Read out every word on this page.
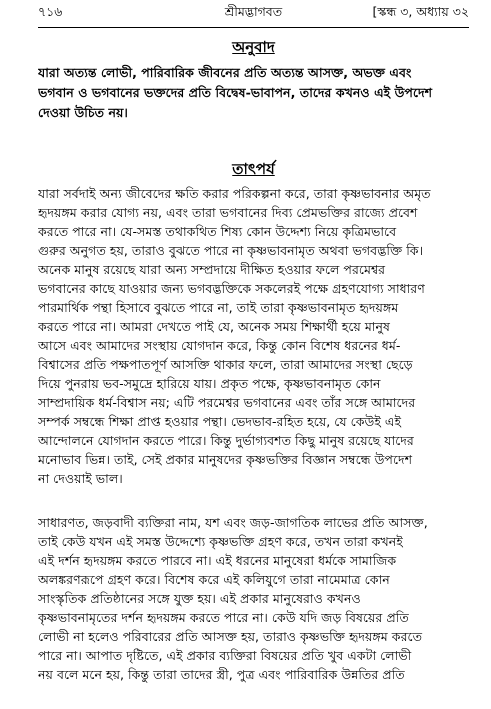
৭১৬	শ্রীমদ্ভাগবত	[স্কন্ধ ৩, অধ্যায় ৩২
অনুবাদ

যারা অত্যন্ত লোভী, পারিবারিক জীবনের প্রতি অত্যন্ত আসক্ত, অভক্ত এবং
ভগবান ও ভগবানের ভক্তদের প্রতি বিদ্বেষ-ভাবাপন, তাদের কখনও এই উপদেশ
দেওয়া উচিত নয়।

তাৎপর্য

যারা সর্বদাই অন্য জীবেদের ক্ষতি করার পরিকল্পনা করে, তারা কৃষ্ণভাবনার অমৃত
হৃদয়ঙ্গম করার যোগ্য নয়, এবং তারা ভগবানের দিব্য প্রেমভক্তির রাজ্যে প্রবেশ
করতে পারে না। যে-সমস্ত তথাকথিত শিষ্য কোন উদ্দেশ্য নিয়ে কৃত্রিমভাবে
গুরুর অনুগত হয়, তারাও বুঝতে পারে না কৃষ্ণভাবনামৃত অথবা ভগবদ্ভক্তি কি।
অনেক মানুষ রয়েছে যারা অন্য সম্প্রদায়ে দীক্ষিত হওয়ার ফলে পরমেশ্বর
ভগবানের কাছে যাওয়ার জন্য ভগবদ্ভক্তিকে সকলেরই পক্ষে গ্রহণযোগ্য সাধারণ
পারমার্থিক পন্থা হিসাবে বুঝতে পারে না, তাই তারা কৃষ্ণভাবনামৃত হৃদয়ঙ্গম
করতে পারে না। আমরা দেখতে পাই যে, অনেক সময় শিক্ষার্থী হয়ে মানুষ
আসে এবং আমাদের সংস্থায় যোগদান করে, কিন্তু কোন বিশেষ ধরনের ধর্ম-
বিশ্বাসের প্রতি পক্ষপাতপূর্ণ আসক্তি থাকার ফলে, তারা আমাদের সংস্থা ছেড়ে
দিয়ে পুনরায় ভব-সমুদ্রে হারিয়ে যায়। প্রকৃত পক্ষে, কৃষ্ণভাবনামৃত কোন
সাম্প্রদায়িক ধর্ম-বিশ্বাস নয়; এটি পরমেশ্বর ভগবানের এবং তাঁর সঙ্গে আমাদের
সম্পর্ক সম্বন্ধে শিক্ষা প্রাপ্ত হওয়ার পন্থা। ভেদভাব-রহিত হয়ে, যে কেউই এই
আন্দোলনে যোগদান করতে পারে। কিন্তু দুর্ভাগ্যবশত কিছু মানুষ রয়েছে যাদের
মনোভাব ভিন্ন। তাই, সেই প্রকার মানুষদের কৃষ্ণভক্তির বিজ্ঞান সম্বন্ধে উপদেশ
না দেওয়াই ভাল।

সাধারণত, জড়বাদী ব্যক্তিরা নাম, যশ এবং জড়-জাগতিক লাভের প্রতি আসক্ত,
তাই কেউ যখন এই সমস্ত উদ্দেশ্যে কৃষ্ণভক্তি গ্রহণ করে, তখন তারা কখনই
এই দর্শন হৃদয়ঙ্গম করতে পারবে না। এই ধরনের মানুষেরা ধর্মকে সামাজিক
অলঙ্করণরূপে গ্রহণ করে। বিশেষ করে এই কলিযুগে তারা নামেমাত্র কোন
সাংস্কৃতিক প্রতিষ্ঠানের সঙ্গে যুক্ত হয়। এই প্রকার মানুষেরাও কখনও
কৃষ্ণভাবনামৃতের দর্শন হৃদয়ঙ্গম করতে পারে না। কেউ যদি জড় বিষয়ের প্রতি
লোভী না হলেও পরিবারের প্রতি আসক্ত হয়, তারাও কৃষ্ণভক্তি হৃদয়ঙ্গম করতে
পারে না। আপাত দৃষ্টিতে, এই প্রকার ব্যক্তিরা বিষয়ের প্রতি খুব একটা লোভী
নয় বলে মনে হয়, কিন্তু তারা তাদের স্ত্রী, পুত্র এবং পারিবারিক উন্নতির প্রতি
